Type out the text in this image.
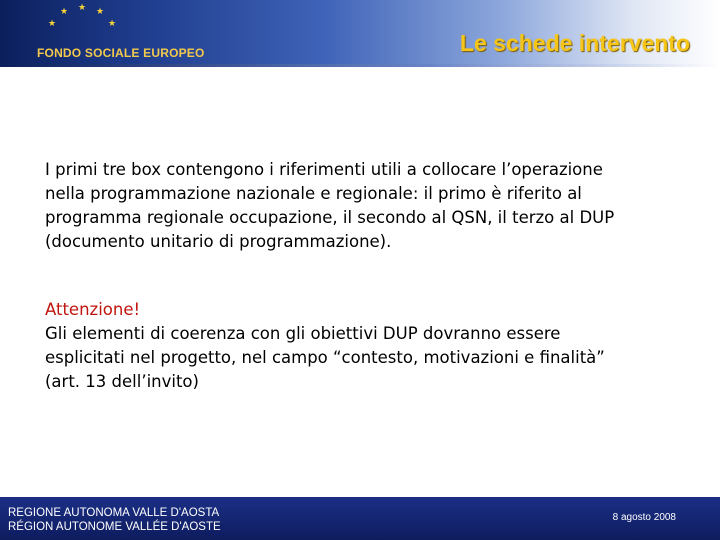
★ ★ ★
★
★
FONDO SOCIALE EUROPEO	Le schede intervento
I primi tre box contengono i riferimenti utili a collocare l’operazione nella programmazione nazionale e regionale: il primo è riferito al programma regionale occupazione, il secondo al QSN, il terzo al DUP (documento unitario di programmazione).
Attenzione!
Gli elementi di coerenza con gli obiettivi DUP dovranno essere esplicitati nel progetto, nel campo “contesto, motivazioni e finalità” (art. 13 dell’invito)
REGIONE AUTONOMA VALLE D'AOSTA
RÉGION AUTONOME VALLÉE D'AOSTE
8 agosto 2008
